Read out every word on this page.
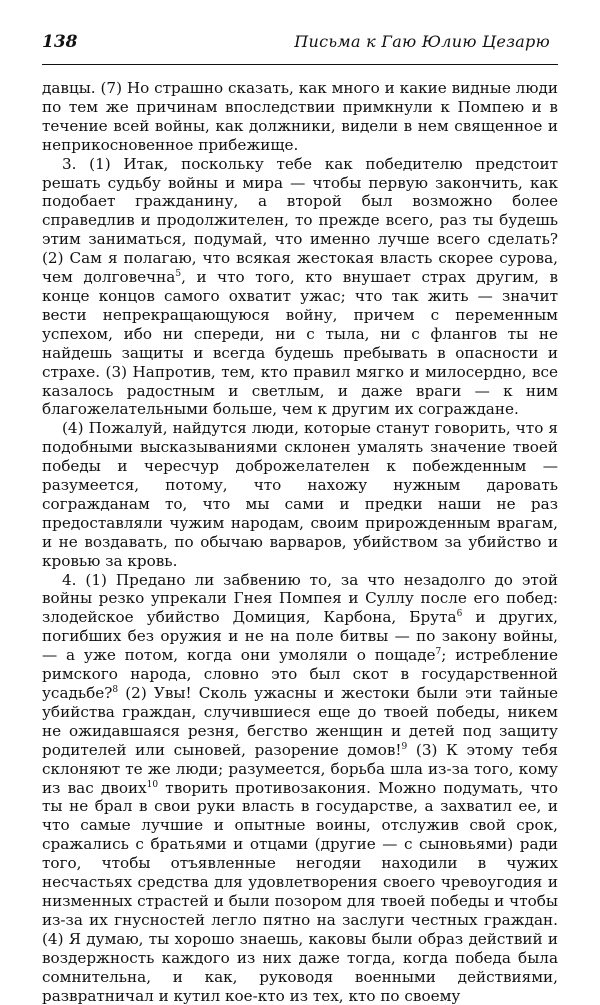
138	Письма к Гаю Юлию Цезарю

давцы. (7) Но страшно сказать, как много и какие видные люди по тем же причинам впоследствии примкнули к Помпею и в течение всей войны, как должники, видели в нем священное и неприкосновенное прибежище.

3. (1) Итак, поскольку тебе как победителю предстоит решать судьбу войны и мира — чтобы первую закончить, как подобает гражданину, а второй был возможно более справедлив и продолжителен, то прежде всего, раз ты будешь этим заниматься, подумай, что именно лучше всего сделать? (2) Сам я полагаю, что всякая жестокая власть скорее сурова, чем долговечна$^5$, и что того, кто внушает страх другим, в конце концов самого охватит ужас; что так жить — значит вести непрекращающуюся войну, причем с переменным успехом, ибо ни спереди, ни с тыла, ни с флангов ты не найдешь защиты и всегда будешь пребывать в опасности и страхе. (3) Напротив, тем, кто правил мягко и милосердно, все казалось радостным и светлым, и даже враги — к ним благожелательными больше, чем к другим их согражданe.

(4) Пожалуй, найдутся люди, которые станут говорить, что я подобными высказываниями склонен умалять значение твоей победы и чересчур доброжелателен к побежденным — разумеется, потому, что нахожу нужным даровать согражданам то, что мы сами и предки наши не раз предоставляли чужим народам, своим прирожденным врагам, и не воздавать, по обычаю варваров, убийством за убийство и кровью за кровь.

4. (1) Предано ли забвению то, за что незадолго до этой войны резко упрекали Гнея Помпея и Суллу после его побед: злодейское убийство Домиция, Карбона, Брута$^6$ и других, погибших без оружия и не на поле битвы — по закону войны, — а уже потом, когда они умоляли о пощаде$^7$; истребление римского народа, словно это был скот в государственной усадьбе?$^8$ (2) Увы! Сколь ужасны и жестоки были эти тайные убийства граждан, случившиеся еще до твоей победы, никем не ожидавшаяся резня, бегство женщин и детей под защиту родителей или сыновей, разорение домов!$^9$ (3) К этому тебя склоняют те же люди; разумеется, борьба шла из-за того, кому из вас двоих$^{10}$ творить противозакония. Можно подумать, что ты не брал в свои руки власть в государстве, а захватил ее, и что самые лучшие и опытные воины, отслужив свой срок, сражались с братьями и отцами (другие — с сыновьями) ради того, чтобы отъявленные негодяи находили в чужих несчастьях средства для удовлетворения своего чревоугодия и низменных страстей и были позором для твоей победы и чтобы из-за их гнусностей легло пятно на заслуги честных граждан. (4) Я думаю, ты хорошо знаешь, каковы были образ действий и воздержность каждого из них даже тогда, когда победа была сомнительна, и как, руководя военными действиями, развратничал и кутил кое-кто из тех, кто по своему
